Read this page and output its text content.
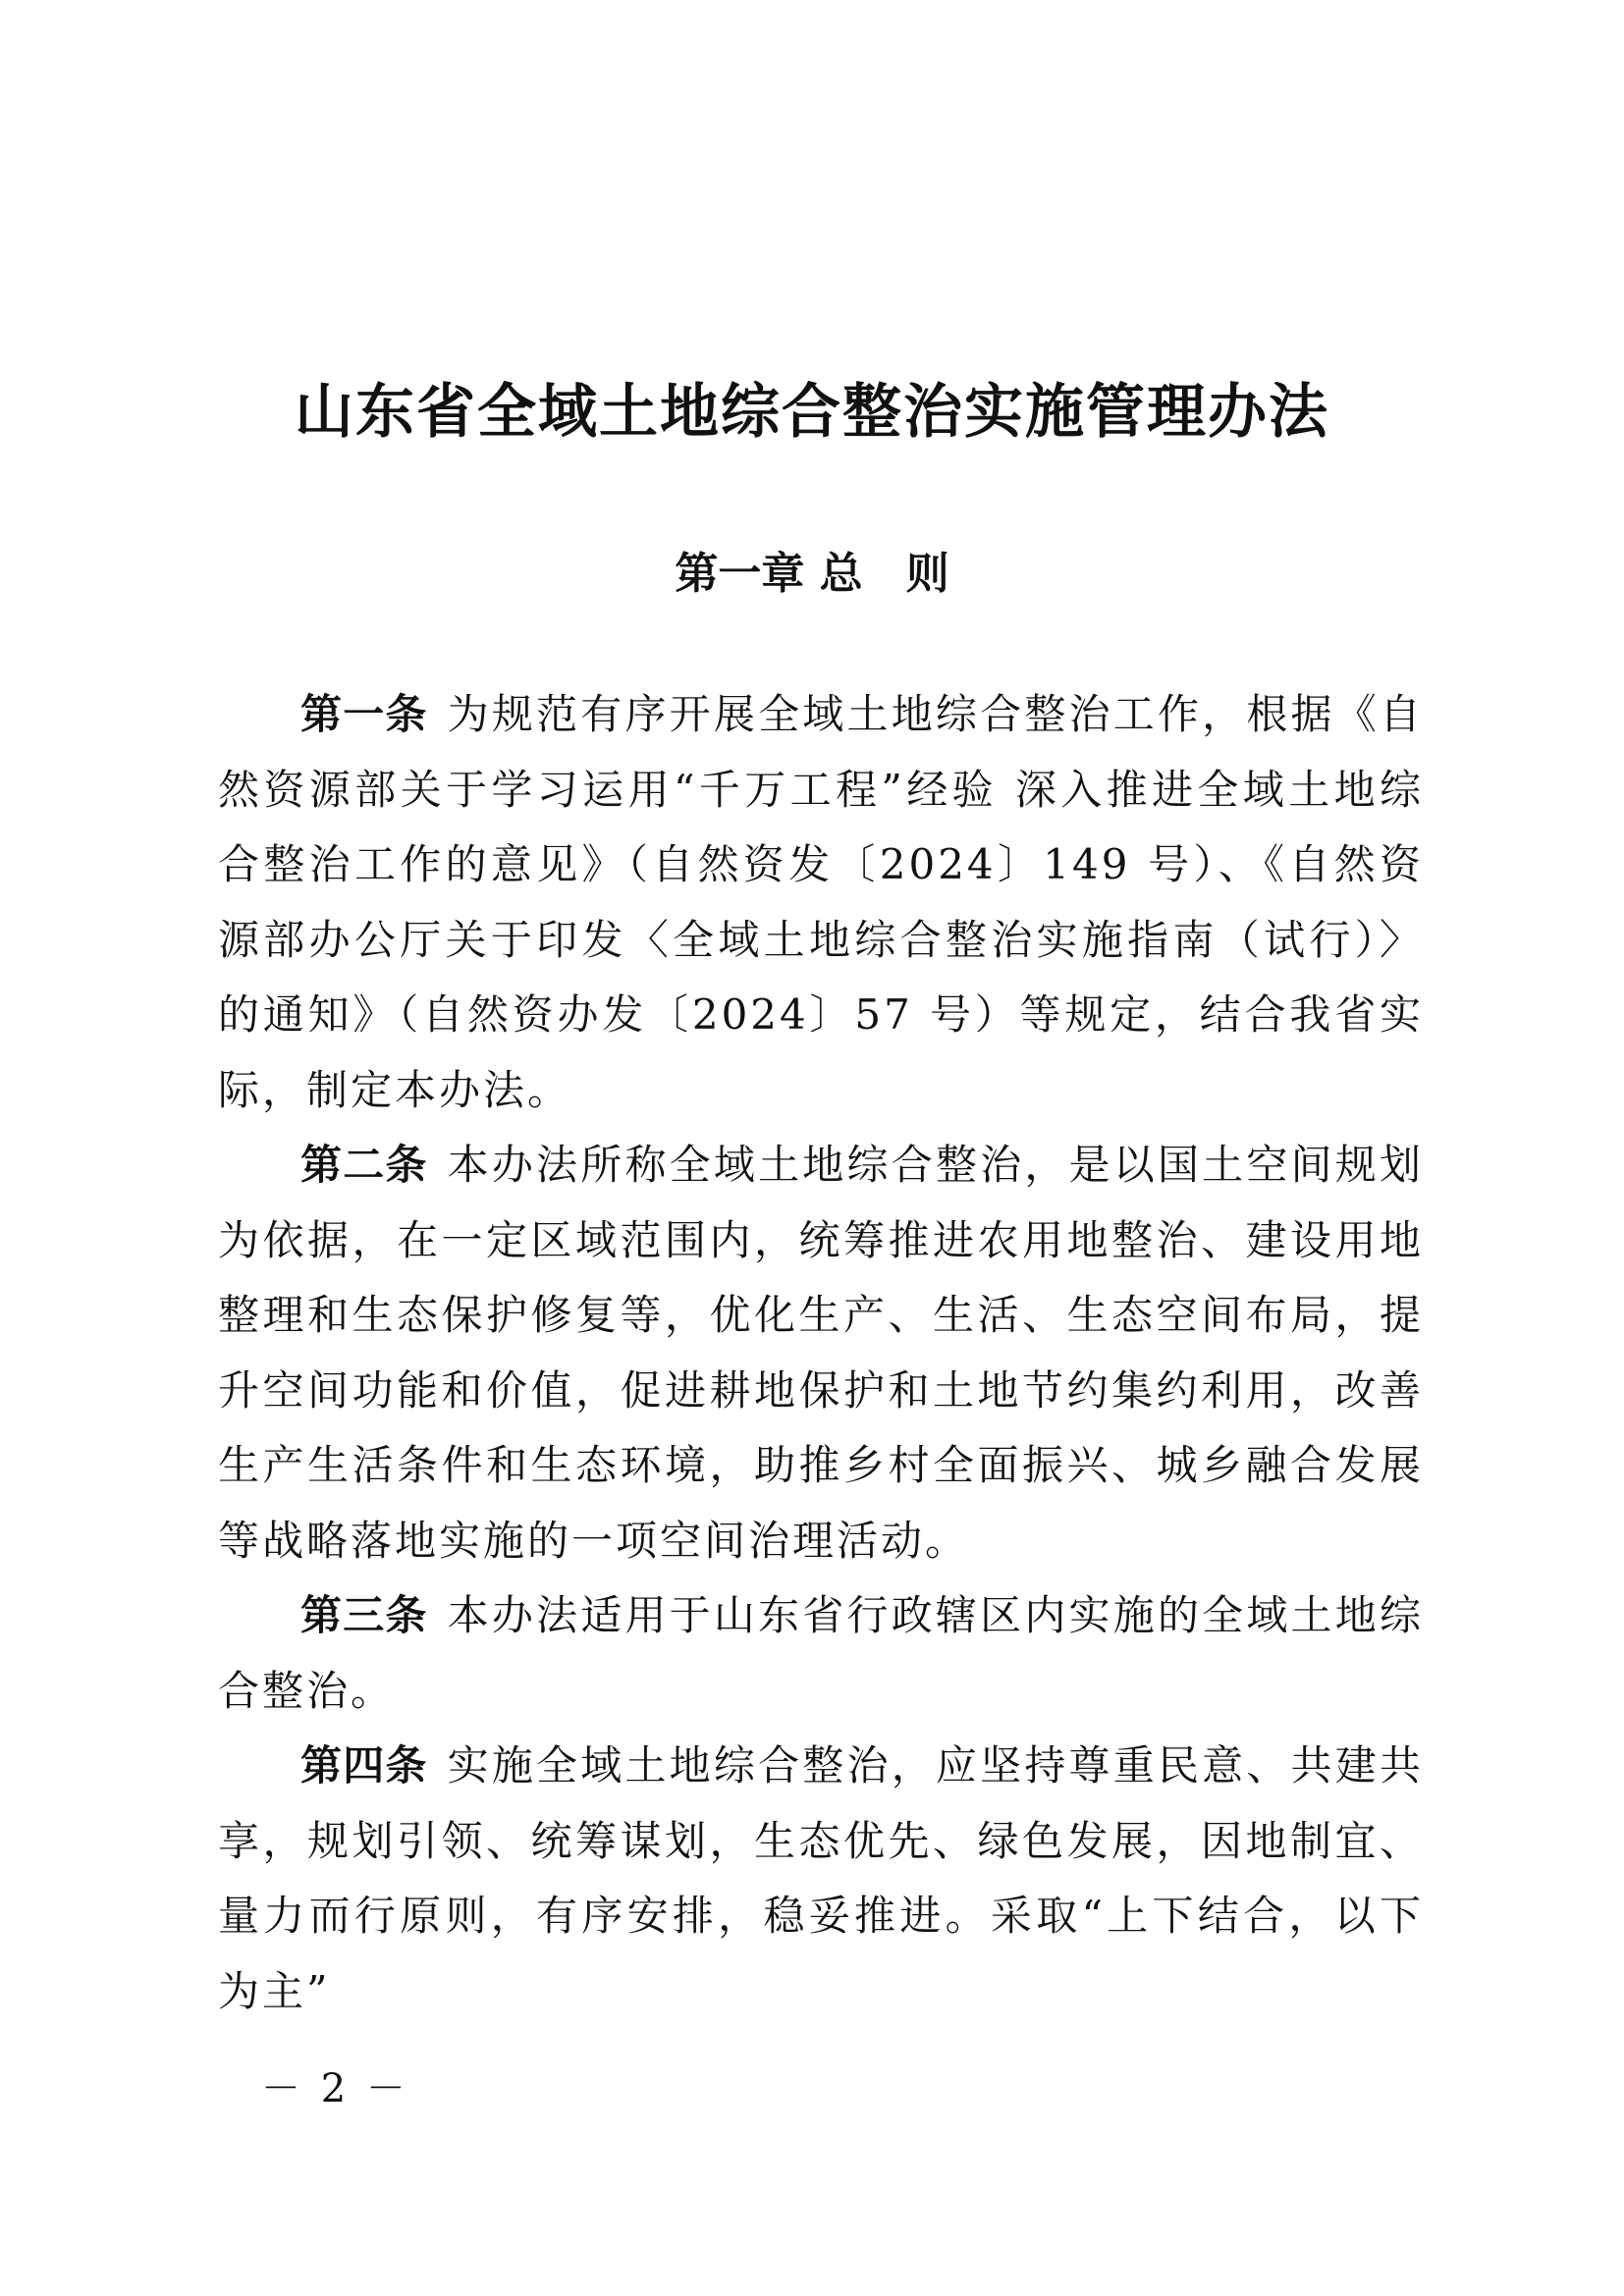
山东省全域土地综合整治实施管理办法
第一章 总　则

第一条 为规范有序开展全域土地综合整治工作，根据《自然资源部关于学习运用“千万工程”经验 深入推进全域土地综合整治工作的意见》（自然资发〔2024〕149 号）、《自然资源部办公厅关于印发〈全域土地综合整治实施指南（试行）〉的通知》（自然资办发〔2024〕57 号）等规定，结合我省实际，制定本办法。

第二条 本办法所称全域土地综合整治，是以国土空间规划为依据，在一定区域范围内，统筹推进农用地整治、建设用地整理和生态保护修复等，优化生产、生活、生态空间布局，提升空间功能和价值，促进耕地保护和土地节约集约利用，改善生产生活条件和生态环境，助推乡村全面振兴、城乡融合发展等战略落地实施的一项空间治理活动。

第三条 本办法适用于山东省行政辖区内实施的全域土地综合整治。

第四条 实施全域土地综合整治，应坚持尊重民意、共建共享，规划引领、统筹谋划，生态优先、绿色发展，因地制宜、量力而行原则，有序安排，稳妥推进。采取“上下结合，以下为主”

－ 2 －
